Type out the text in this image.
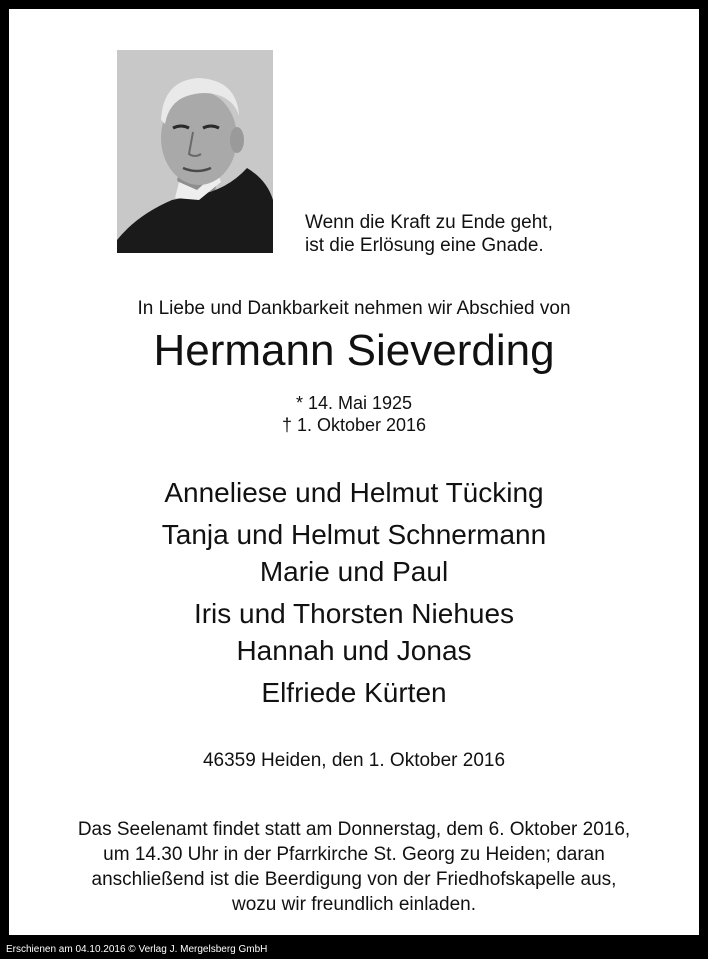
Wenn die Kraft zu Ende geht,
ist die Erlösung eine Gnade.
In Liebe und Dankbarkeit nehmen wir Abschied von
Hermann Sieverding
* 14. Mai 1925
† 1. Oktober 2016
Anneliese und Helmut Tücking
Tanja und Helmut Schnermann
Marie und Paul
Iris und Thorsten Niehues
Hannah und Jonas
Elfriede Kürten
46359 Heiden, den 1. Oktober 2016
Das Seelenamt findet statt am Donnerstag, dem 6. Oktober 2016,
um 14.30 Uhr in der Pfarrkirche St. Georg zu Heiden; daran
anschließend ist die Beerdigung von der Friedhofskapelle aus,
wozu wir freundlich einladen.
Erschienen am 04.10.2016 © Verlag J. Mergelsberg GmbH
